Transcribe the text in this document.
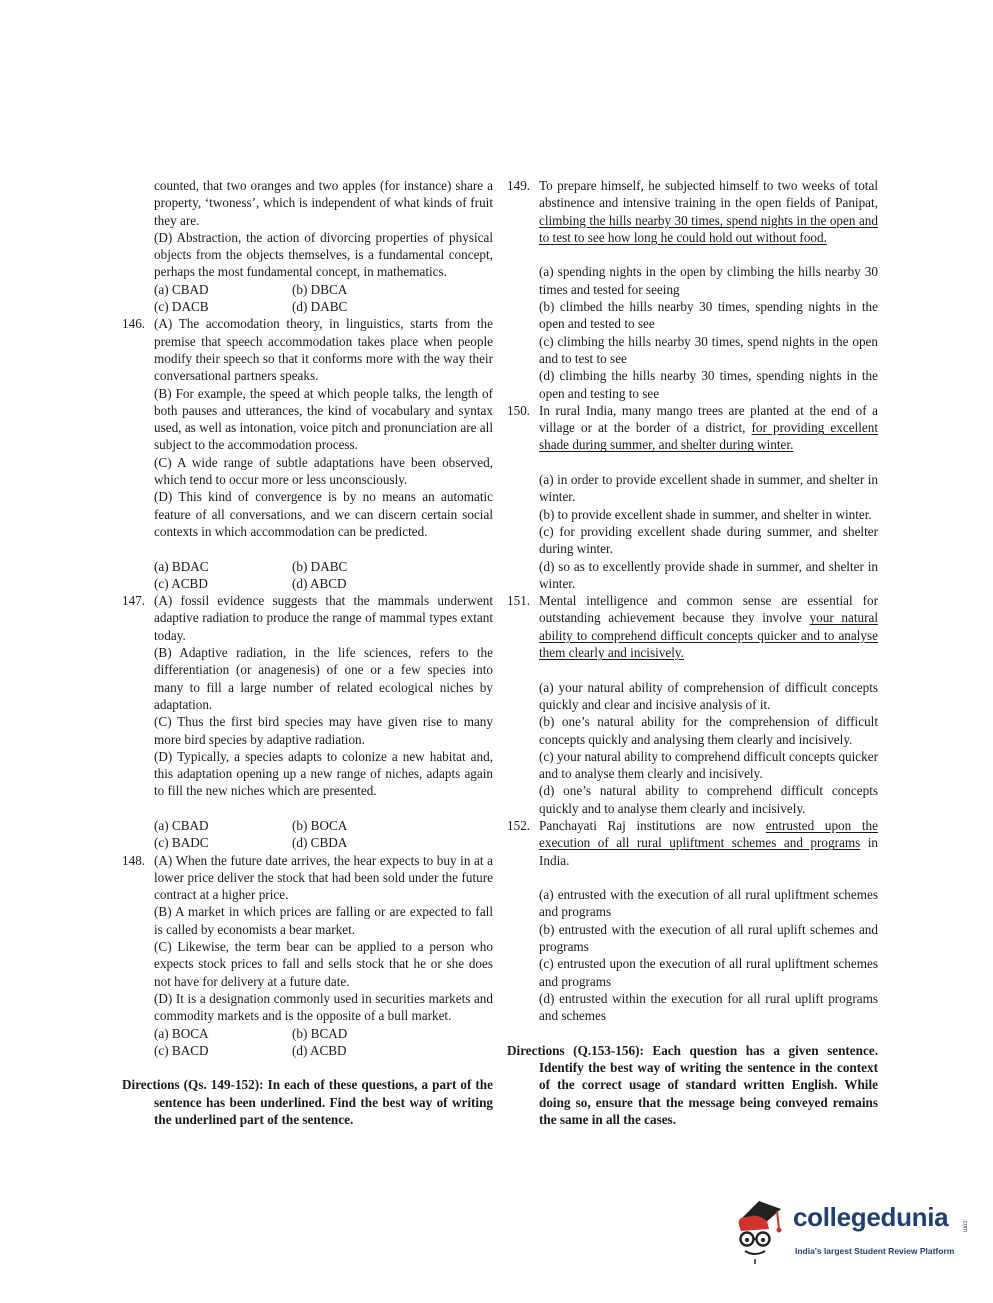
counted, that two oranges and two apples (for instance) share a property, ‘twoness’, which is independent of what kinds of fruit they are.

(D) Abstraction, the action of divorcing properties of physical objects from the objects themselves, is a fundamental concept, perhaps the most fundamental concept, in mathematics.

(a) CBAD	(b) DBCA
(c) DACB	(d) DABC
146. (A) The accomodation theory, in linguistics, starts from the premise that speech accommodation takes place when people modify their speech so that it conforms more with the way their conversational partners speaks.

(B) For example, the speed at which people talks, the length of both pauses and utterances, the kind of vocabulary and syntax used, as well as intonation, voice pitch and pronunciation are all subject to the accommodation process.

(C) A wide range of subtle adaptations have been observed, which tend to occur more or less unconsciously.

(D) This kind of convergence is by no means an automatic feature of all conversations, and we can discern certain social contexts in which accommodation can be predicted.

(a) BDAC	(b) DABC
(c) ACBD	(d) ABCD
147. (A) fossil evidence suggests that the mammals underwent adaptive radiation to produce the range of mammal types extant today.

(B) Adaptive radiation, in the life sciences, refers to the differentiation (or anagenesis) of one or a few species into many to fill a large number of related ecological niches by adaptation.

(C) Thus the first bird species may have given rise to many more bird species by adaptive radiation.

(D) Typically, a species adapts to colonize a new habitat and, this adaptation opening up a new range of niches, adapts again to fill the new niches which are presented.

(a) CBAD	(b) BOCA
(c) BADC	(d) CBDA
148. (A) When the future date arrives, the hear expects to buy in at a lower price deliver the stock that had been sold under the future contract at a higher price.

(B) A market in which prices are falling or are expected to fall is called by economists a bear market.

(C) Likewise, the term bear can be applied to a person who expects stock prices to fall and sells stock that he or she does not have for delivery at a future date.

(D) It is a designation commonly used in securities markets and commodity markets and is the opposite of a bull market.

(a) BOCA	(b) BCAD
(c) BACD	(d) ACBD

Directions (Qs. 149-152): In each of these questions, a part of the sentence has been underlined. Find the best way of writing the underlined part of the sentence.

149. To prepare himself, he subjected himself to two weeks of total abstinence and intensive training in the open fields of Panipat, climbing the hills nearby 30 times, spend nights in the open and to test to see how long he could hold out without food.

(a) spending nights in the open by climbing the hills nearby 30 times and tested for seeing

(b) climbed the hills nearby 30 times, spending nights in the open and tested to see

(c) climbing the hills nearby 30 times, spend nights in the open and to test to see

(d) climbing the hills nearby 30 times, spending nights in the open and testing to see

150. In rural India, many mango trees are planted at the end of a village or at the border of a district, for providing excellent shade during summer, and shelter during winter.

(a) in order to provide excellent shade in summer, and shelter in winter.

(b) to provide excellent shade in summer, and shelter in winter.

(c) for providing excellent shade during summer, and shelter during winter.

(d) so as to excellently provide shade in summer, and shelter in winter.

151. Mental intelligence and common sense are essential for outstanding achievement because they involve your natural ability to comprehend difficult concepts quicker and to analyse them clearly and incisively.

(a) your natural ability of comprehension of difficult concepts quickly and clear and incisive analysis of it.

(b) one’s natural ability for the comprehension of difficult concepts quickly and analysing them clearly and incisively.

(c) your natural ability to comprehend difficult concepts quicker and to analyse them clearly and incisively.

(d) one’s natural ability to comprehend difficult concepts quickly and to analyse them clearly and incisively.

152. Panchayati Raj institutions are now entrusted upon the execution of all rural upliftment schemes and programs in India.

(a) entrusted with the execution of all rural upliftment schemes and programs

(b) entrusted with the execution of all rural uplift schemes and programs

(c) entrusted upon the execution of all rural upliftment schemes and programs

(d) entrusted within the execution for all rural uplift programs and schemes

Directions (Q.153-156): Each question has a given sentence. Identify the best way of writing the sentence in the context of the correct usage of standard written English. While doing so, ensure that the message being conveyed remains the same in all the cases.

collegedunia	.com
India's largest Student Review Platform
